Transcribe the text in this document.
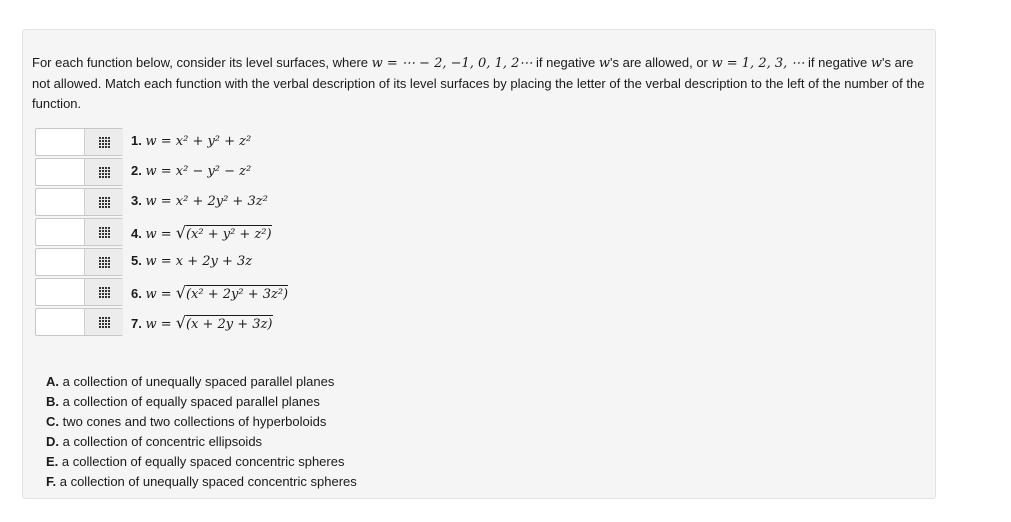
For each function below, consider its level surfaces, where w = ⋯ − 2, −1, 0, 1, 2⋯ if negative w's are allowed, or w = 1, 2, 3, ⋯ if negative w's are not allowed. Match each function with the verbal description of its level surfaces by placing the letter of the verbal description to the left of the number of the function.
1. w = x² + y² + z²
2. w = x² − y² − z²
3. w = x² + 2y² + 3z²
4. w = √(x² + y² + z²)
5. w = x + 2y + 3z
6. w = √(x² + 2y² + 3z²)
7. w = √(x + 2y + 3z)
A. a collection of unequally spaced parallel planes
B. a collection of equally spaced parallel planes
C. two cones and two collections of hyperboloids
D. a collection of concentric ellipsoids
E. a collection of equally spaced concentric spheres
F. a collection of unequally spaced concentric spheres
